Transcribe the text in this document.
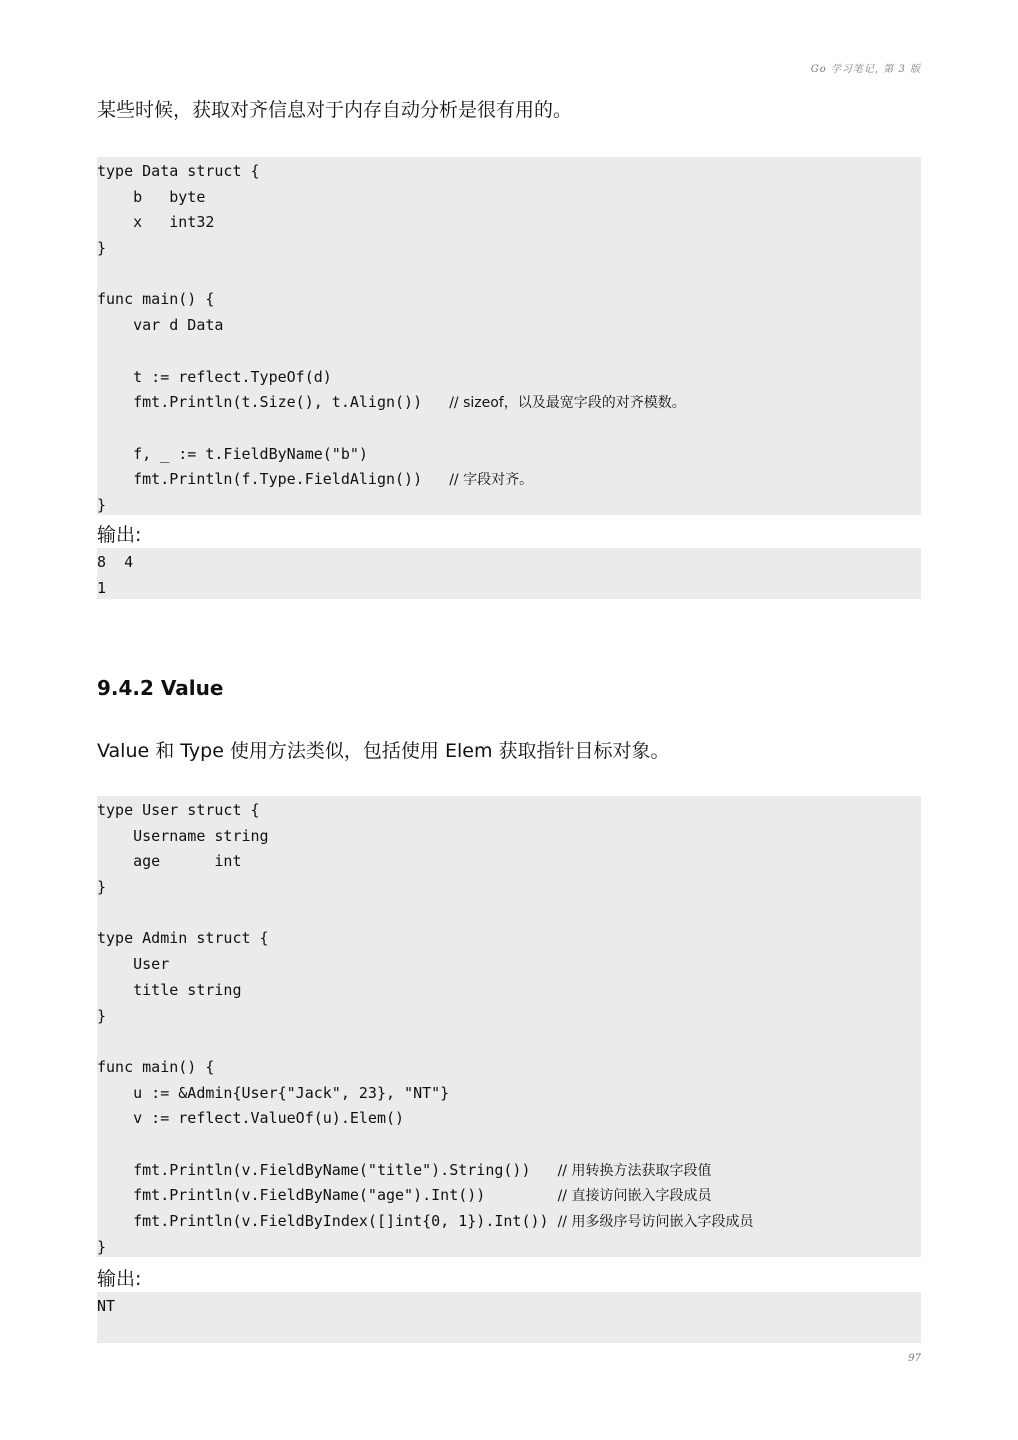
Go 学习笔记, 第 3 版

某些时候，获取对齐信息对于内存自动分析是很有用的。

type Data struct {
b   byte
x   int32
}
func main() {
var d Data
t := reflect.TypeOf(d)
fmt.Println(t.Size(), t.Align())   // sizeof，以及最宽字段的对齐模数。
f, _ := t.FieldByName("b")
fmt.Println(f.Type.FieldAlign())   // 字段对齐。
}

输出:

8  4
1
9.4.2 Value

Value 和 Type 使用方法类似，包括使用 Elem 获取指针目标对象。

type User struct {
Username string
age      int
}
type Admin struct {
User
title string
}
func main() {
u := &Admin{User{"Jack", 23}, "NT"}
v := reflect.ValueOf(u).Elem()
fmt.Println(v.FieldByName("title").String())   // 用转换方法获取字段值
fmt.Println(v.FieldByName("age").Int())        // 直接访问嵌入字段成员
fmt.Println(v.FieldByIndex([]int{0, 1}).Int()) // 用多级序号访问嵌入字段成员
}

输出:

NT
97
